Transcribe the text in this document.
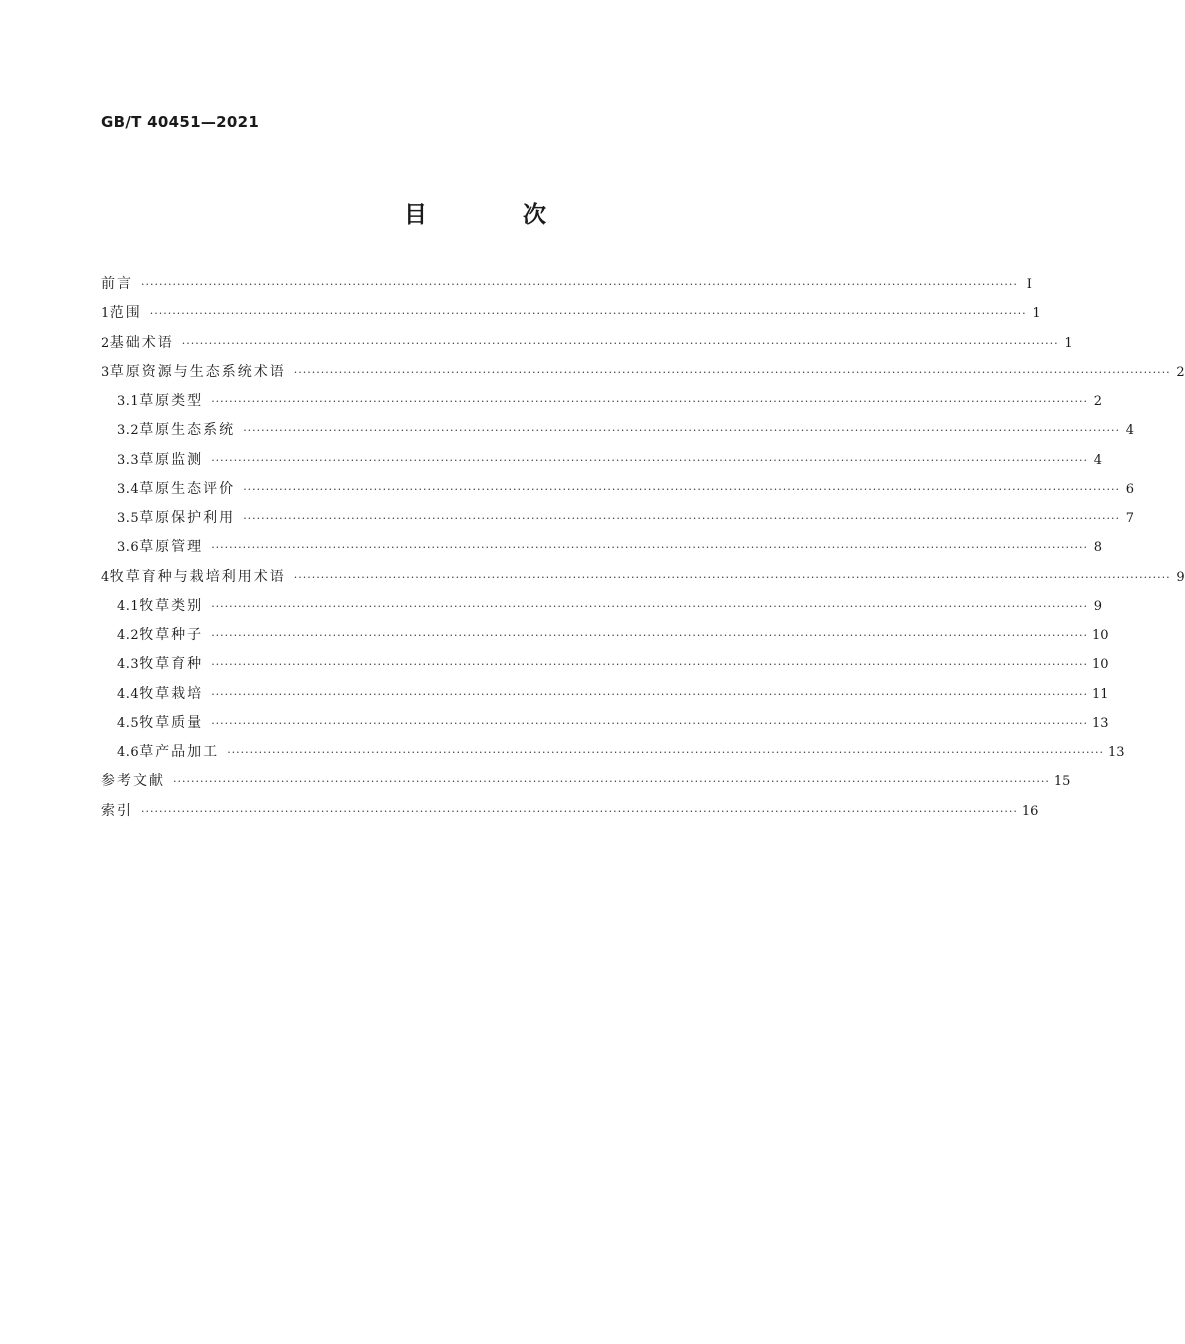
GB/T 40451—2021
目 次
前言 ·····	Ⅰ
1 范围 ·····	1
2 基础术语 ·····	1
3 草原资源与生态系统术语 ·····	2
3.1 草原类型 ·····	2
3.2 草原生态系统 ·····	4
3.3 草原监测 ·····	4
3.4 草原生态评价 ·····	6
3.5 草原保护利用 ·····	7
3.6 草原管理 ·····	8
4 牧草育种与栽培利用术语 ·····	9
4.1 牧草类别 ·····	9
4.2 牧草种子 ·····	10
4.3 牧草育种 ·····	10
4.4 牧草栽培 ·····	11
4.5 牧草质量 ·····	13
4.6 草产品加工 ·····	13
参考文献 ·····	15
索引 ·····	16
